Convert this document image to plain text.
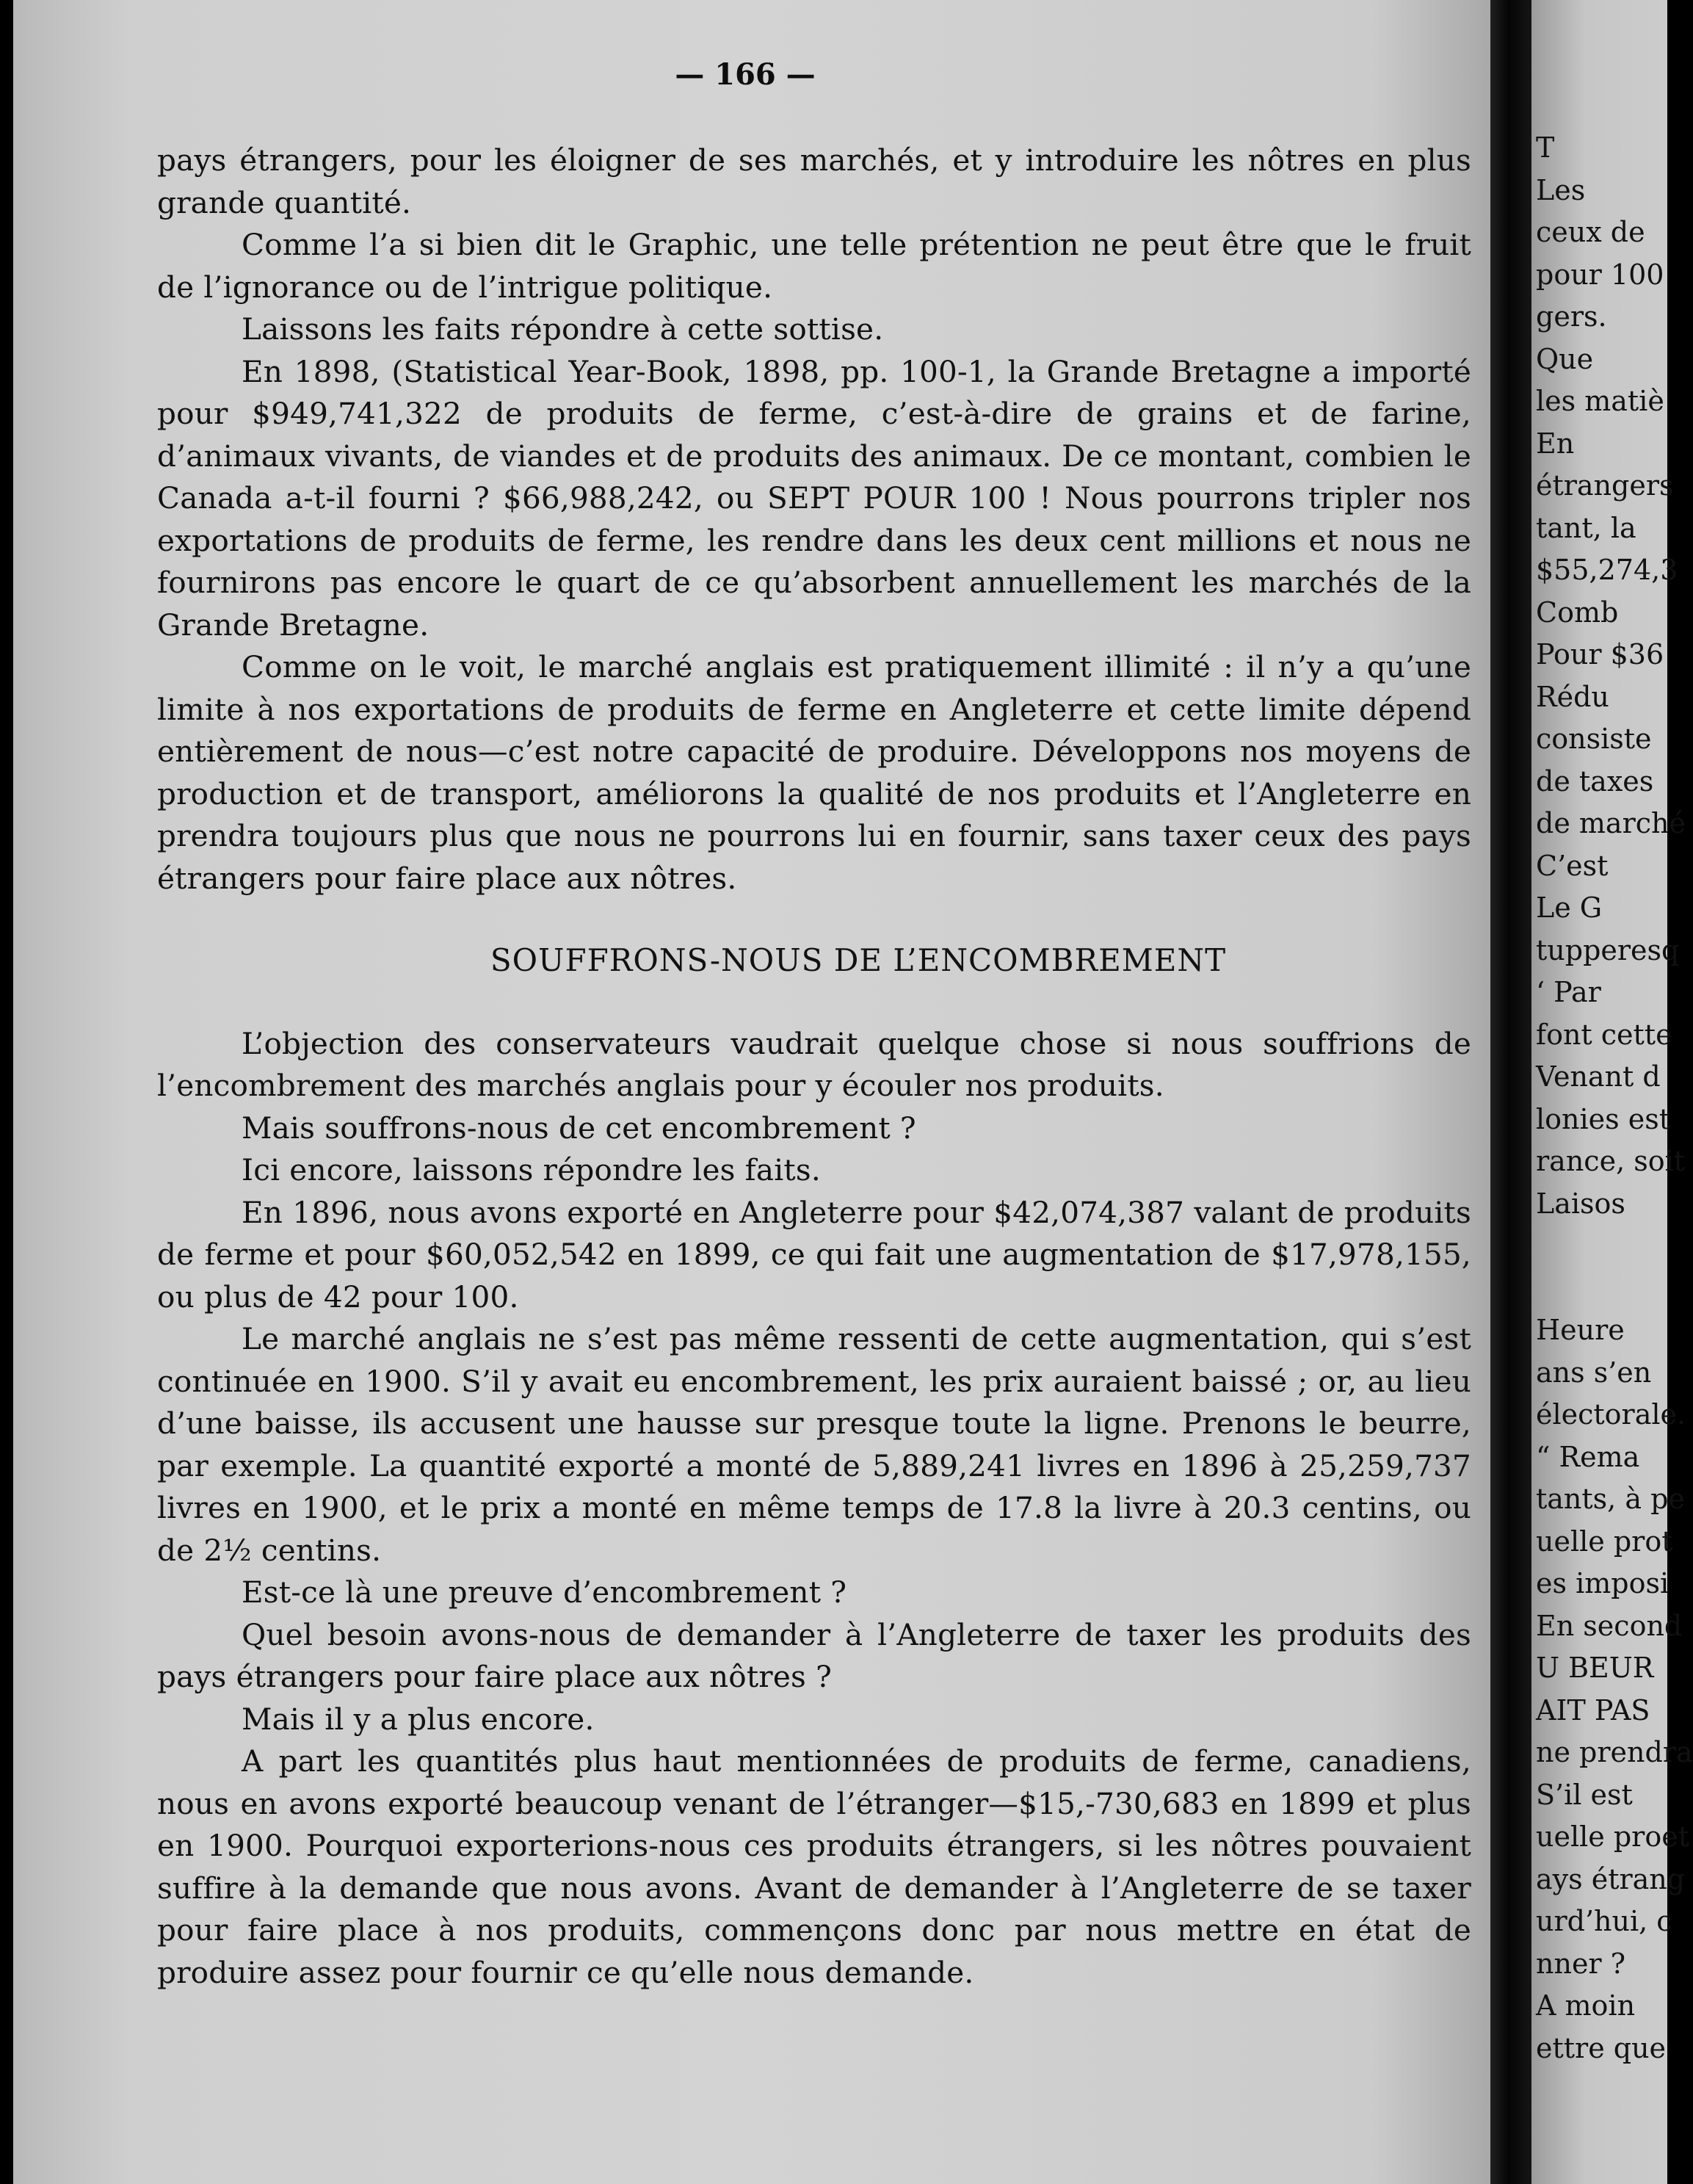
T
Les
ceux de
pour 100
gers.
Que
les matiè
En
étrangers
tant, la
$55,274,3
Comb
Pour $36
Rédu
consiste
de taxes
de marché
C’est
Le G
tupperesq
‘ Par
font cette
Venant d
lonies est
rance, soit
Laisos
Heure
ans s’en
électorale.
“ Rema
tants, à pe
uelle prot
es imposi
En second
U BEUR
AIT PAS
ne prendra
S’il est
uelle proet
ays étrang
urd’hui, c
nner ?
A moin
ettre que
— 166 —

pays étrangers, pour les éloigner de ses marchés, et y introduire les nôtres en plus grande quantité.

Comme l’a si bien dit le Graphic, une telle prétention ne peut être que le fruit de l’ignorance ou de l’intrigue politique.

Laissons les faits répondre à cette sottise.

En 1898, (Statistical Year-Book, 1898, pp. 100-1, la Grande Bretagne a importé pour $949,741,322 de produits de ferme, c’est-à-dire de grains et de farine, d’animaux vivants, de viandes et de produits des animaux. De ce montant, combien le Canada a-t-il fourni ? $66,988,242, ou SEPT POUR 100 ! Nous pourrons tripler nos exportations de produits de ferme, les rendre dans les deux cent millions et nous ne fournirons pas encore le quart de ce qu’absorbent annuellement les marchés de la Grande Bretagne.

Comme on le voit, le marché anglais est pratiquement illimité : il n’y a qu’une limite à nos exportations de produits de ferme en Angleterre et cette limite dépend entièrement de nous—c’est notre capacité de produire. Développons nos moyens de production et de transport, améliorons la qualité de nos produits et l’Angleterre en prendra toujours plus que nous ne pourrons lui en fournir, sans taxer ceux des pays étrangers pour faire place aux nôtres.

SOUFFRONS-NOUS DE L’ENCOMBREMENT

L’objection des conservateurs vaudrait quelque chose si nous souffrions de l’encombrement des marchés anglais pour y écouler nos produits.

Mais souffrons-nous de cet encombrement ?

Ici encore, laissons répondre les faits.

En 1896, nous avons exporté en Angleterre pour $42,074,387 valant de produits de ferme et pour $60,052,542 en 1899, ce qui fait une augmentation de $17,978,155, ou plus de 42 pour 100.

Le marché anglais ne s’est pas même ressenti de cette augmentation, qui s’est continuée en 1900. S’il y avait eu encombrement, les prix auraient baissé ; or, au lieu d’une baisse, ils accusent une hausse sur presque toute la ligne. Prenons le beurre, par exemple. La quantité exporté a monté de 5,889,241 livres en 1896 à 25,259,737 livres en 1900, et le prix a monté en même temps de 17.8 la livre à 20.3 centins, ou de 2½ centins.

Est-ce là une preuve d’encombrement ?

Quel besoin avons-nous de demander à l’Angleterre de taxer les produits des pays étrangers pour faire place aux nôtres ?

Mais il y a plus encore.

A part les quantités plus haut mentionnées de produits de ferme, canadiens, nous en avons exporté beaucoup venant de l’étranger—$15,-730,683 en 1899 et plus en 1900. Pourquoi exporterions-nous ces produits étrangers, si les nôtres pouvaient suffire à la demande que nous avons. Avant de demander à l’Angleterre de se taxer pour faire place à nos produits, commençons donc par nous mettre en état de produire assez pour fournir ce qu’elle nous demande.
